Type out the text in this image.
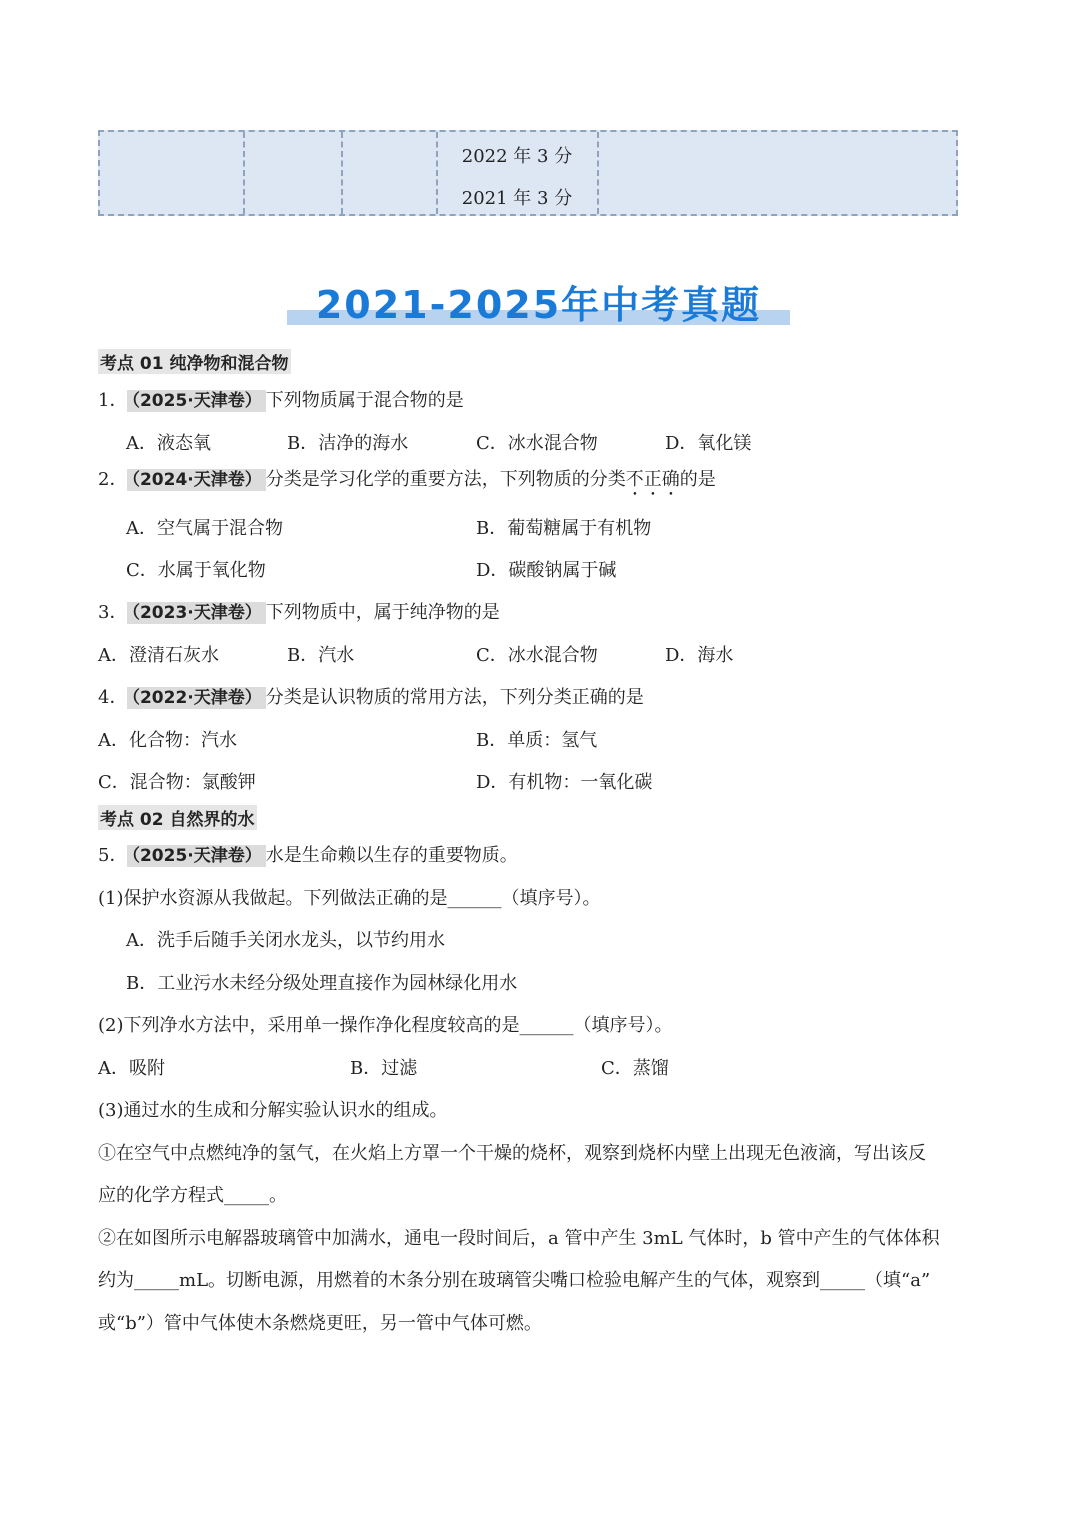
2022 年 3 分
2021 年 3 分
2021-2025年中考真题
考点 01 纯净物和混合物
1． （2025·天津卷） 下列物质属于混合物的是
A．液态氧	B．洁净的海水	C．冰水混合物	D．氧化镁
2． （2024·天津卷） 分类是学习化学的重要方法，下列物质的分类不正确的是
A．空气属于混合物	B．葡萄糖属于有机物
C．水属于氧化物	D．碳酸钠属于碱
3． （2023·天津卷） 下列物质中，属于纯净物的是
A．澄清石灰水	B．汽水	C．冰水混合物	D．海水
4． （2022·天津卷） 分类是认识物质的常用方法，下列分类正确的是
A．化合物：汽水	B．单质：氢气
C．混合物：氯酸钾	D．有机物：一氧化碳
考点 02 自然界的水
5． （2025·天津卷） 水是生命赖以生存的重要物质。
(1)保护水资源从我做起。下列做法正确的是______（填序号）。
A．洗手后随手关闭水龙头，以节约用水
B．工业污水未经分级处理直接作为园林绿化用水
(2)下列净水方法中，采用单一操作净化程度较高的是______（填序号）。
A．吸附	B．过滤	C．蒸馏
(3)通过水的生成和分解实验认识水的组成。
①在空气中点燃纯净的氢气，在火焰上方罩一个干燥的烧杯，观察到烧杯内壁上出现无色液滴，写出该反
应的化学方程式_____。
②在如图所示电解器玻璃管中加满水，通电一段时间后，a 管中产生 3mL 气体时，b 管中产生的气体体积
约为_____mL。切断电源，用燃着的木条分别在玻璃管尖嘴口检验电解产生的气体，观察到_____（填“a”
或“b”）管中气体使木条燃烧更旺，另一管中气体可燃。
